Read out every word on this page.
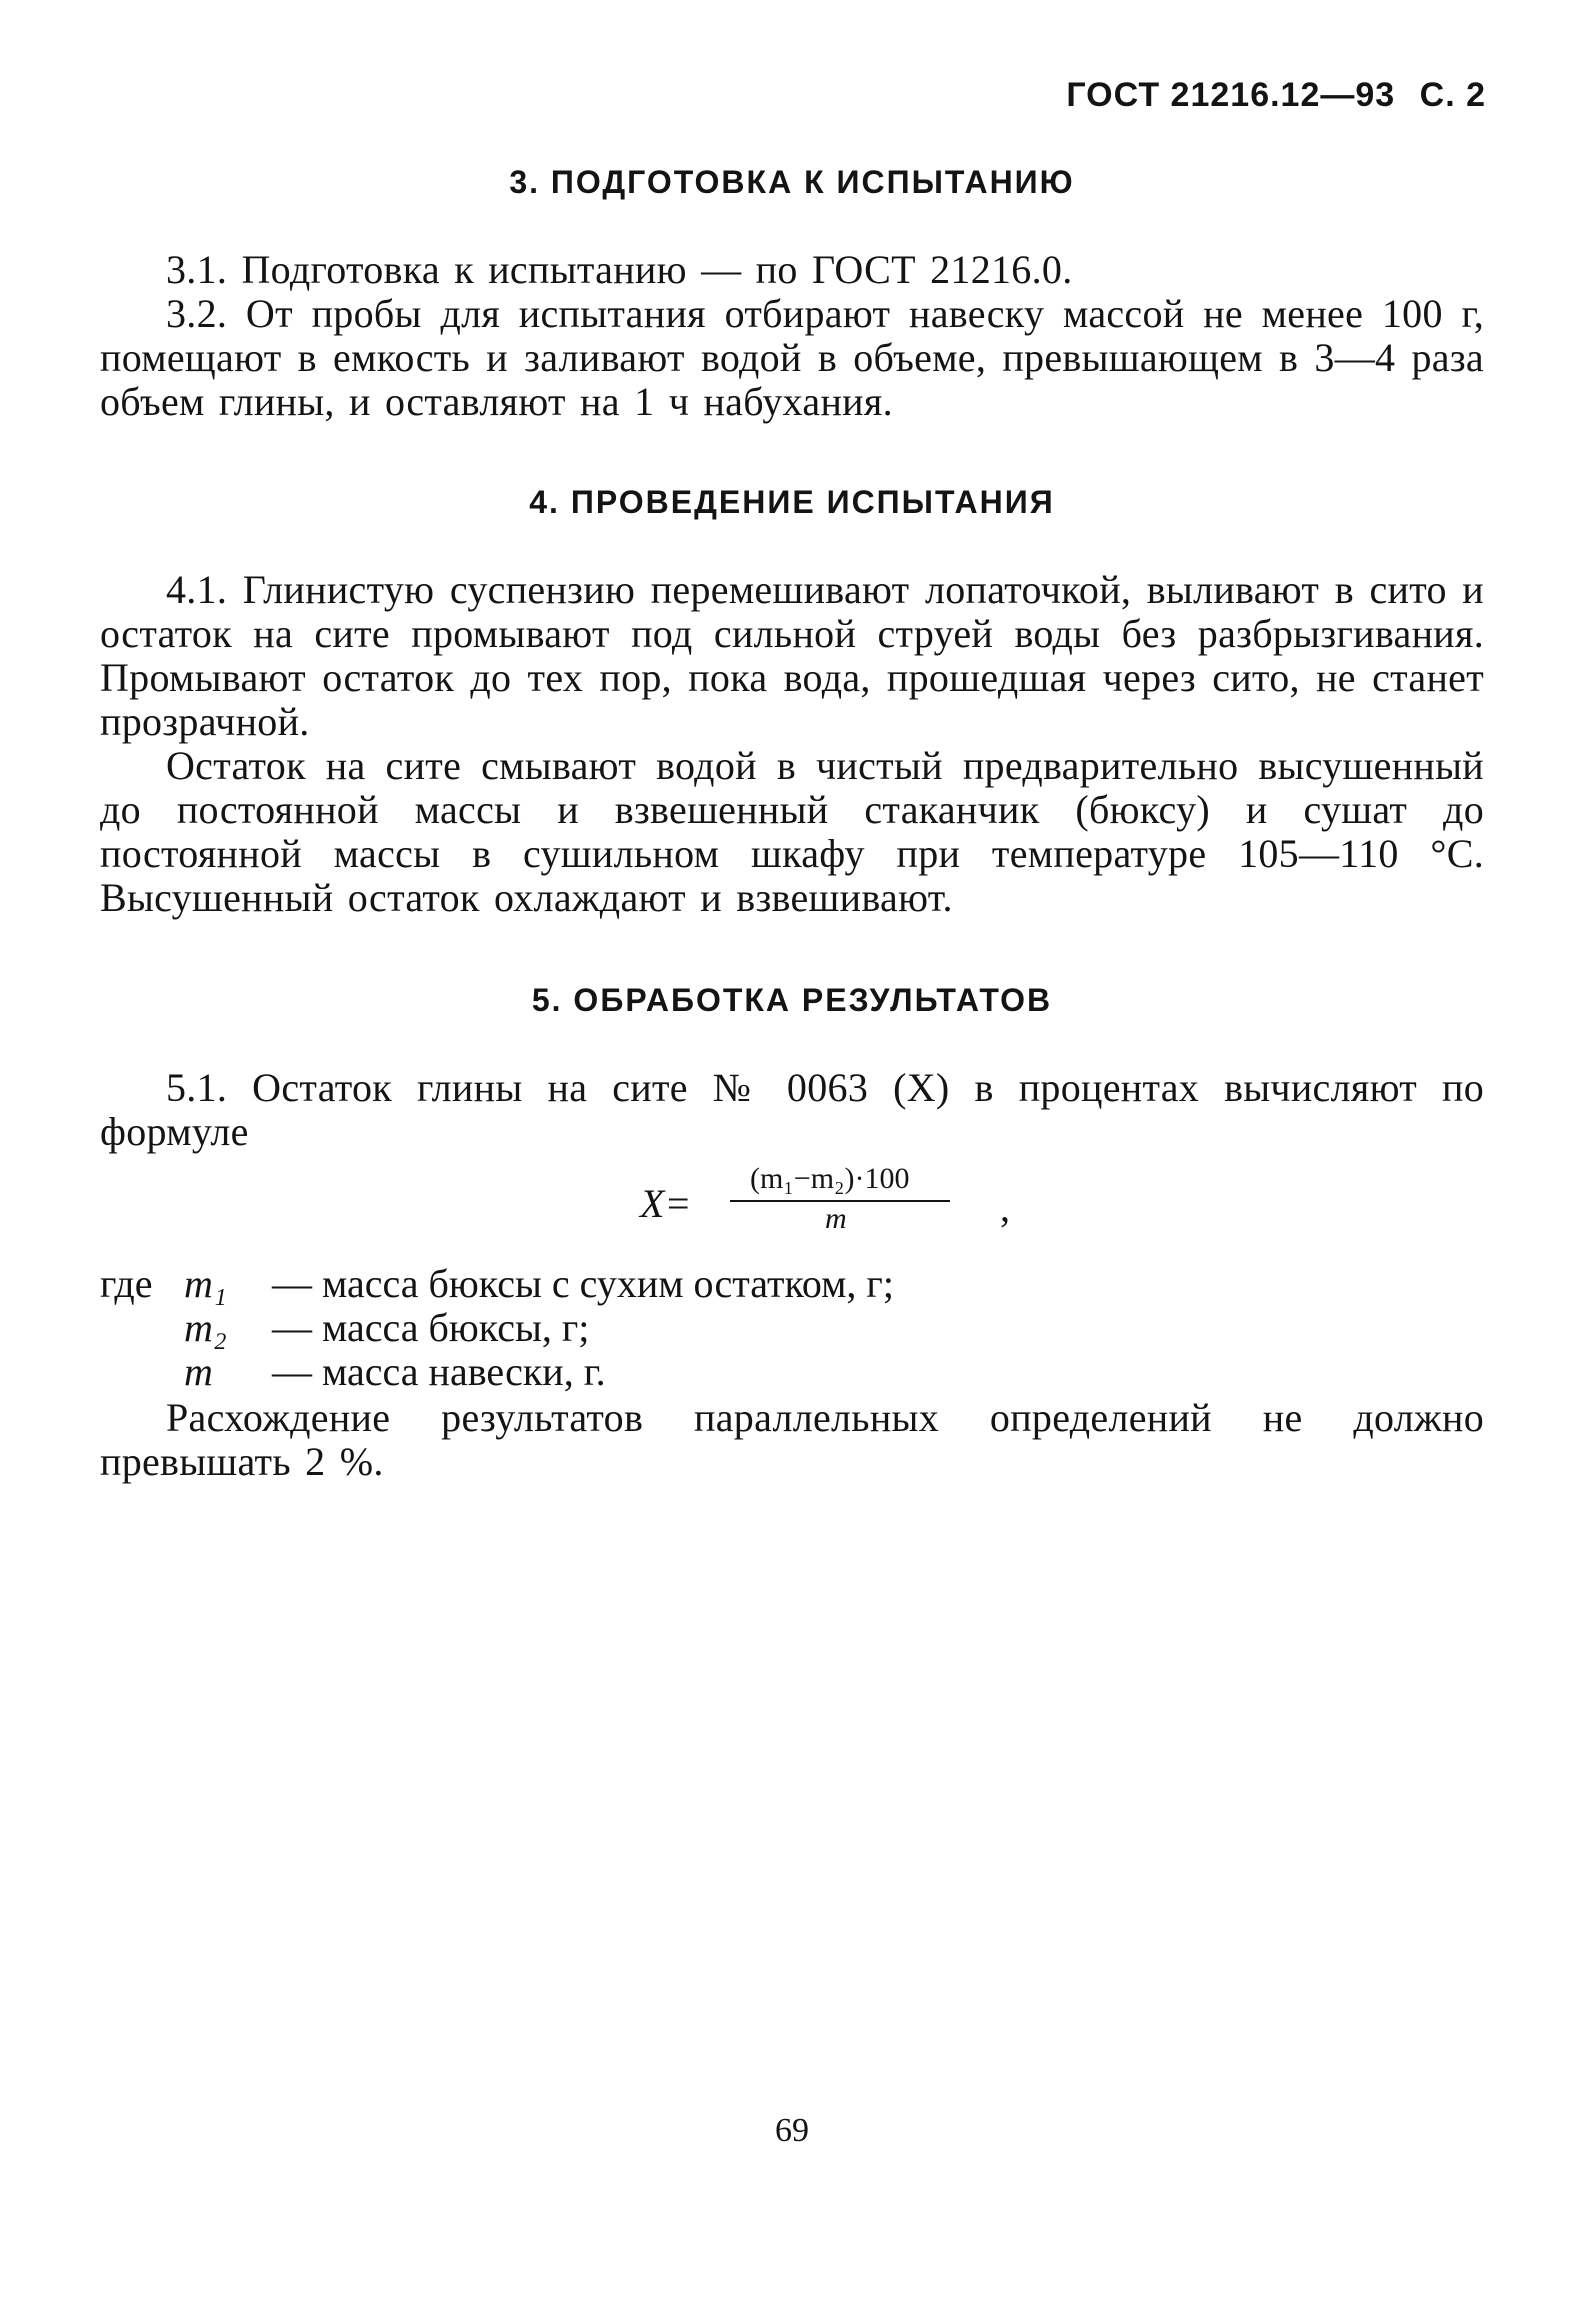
ГОСТ 21216.12—93 С. 2
3. ПОДГОТОВКА К ИСПЫТАНИЮ
3.1. Подготовка к испытанию — по ГОСТ 21216.0.
3.2. От пробы для испытания отбирают навеску массой не менее 100 г, помещают в емкость и заливают водой в объеме, превышающем в 3—4 раза объем глины, и оставляют на 1 ч набухания.
4. ПРОВЕДЕНИЕ ИСПЫТАНИЯ
4.1. Глинистую суспензию перемешивают лопаточкой, выливают в сито и остаток на сите промывают под сильной струей воды без разбрызгивания. Промывают остаток до тех пор, пока вода, прошедшая через сито, не станет прозрачной.
Остаток на сите смывают водой в чистый предварительно высушенный до постоянной массы и взвешенный стаканчик (бюксу) и сушат до постоянной массы в сушильном шкафу при температуре 105—110 °С. Высушенный остаток охлаждают и взвешивают.
5. ОБРАБОТКА РЕЗУЛЬТАТОВ
5.1. Остаток глины на сите № 0063 (X) в процентах вычисляют по формуле
X=
(m₁−m₂)·100
m	,
где m₁ — масса бюксы с сухим остатком, г;
m₂ — масса бюксы, г;
m — масса навески, г.
Расхождение результатов параллельных определений не должно превышать 2 %.
69
